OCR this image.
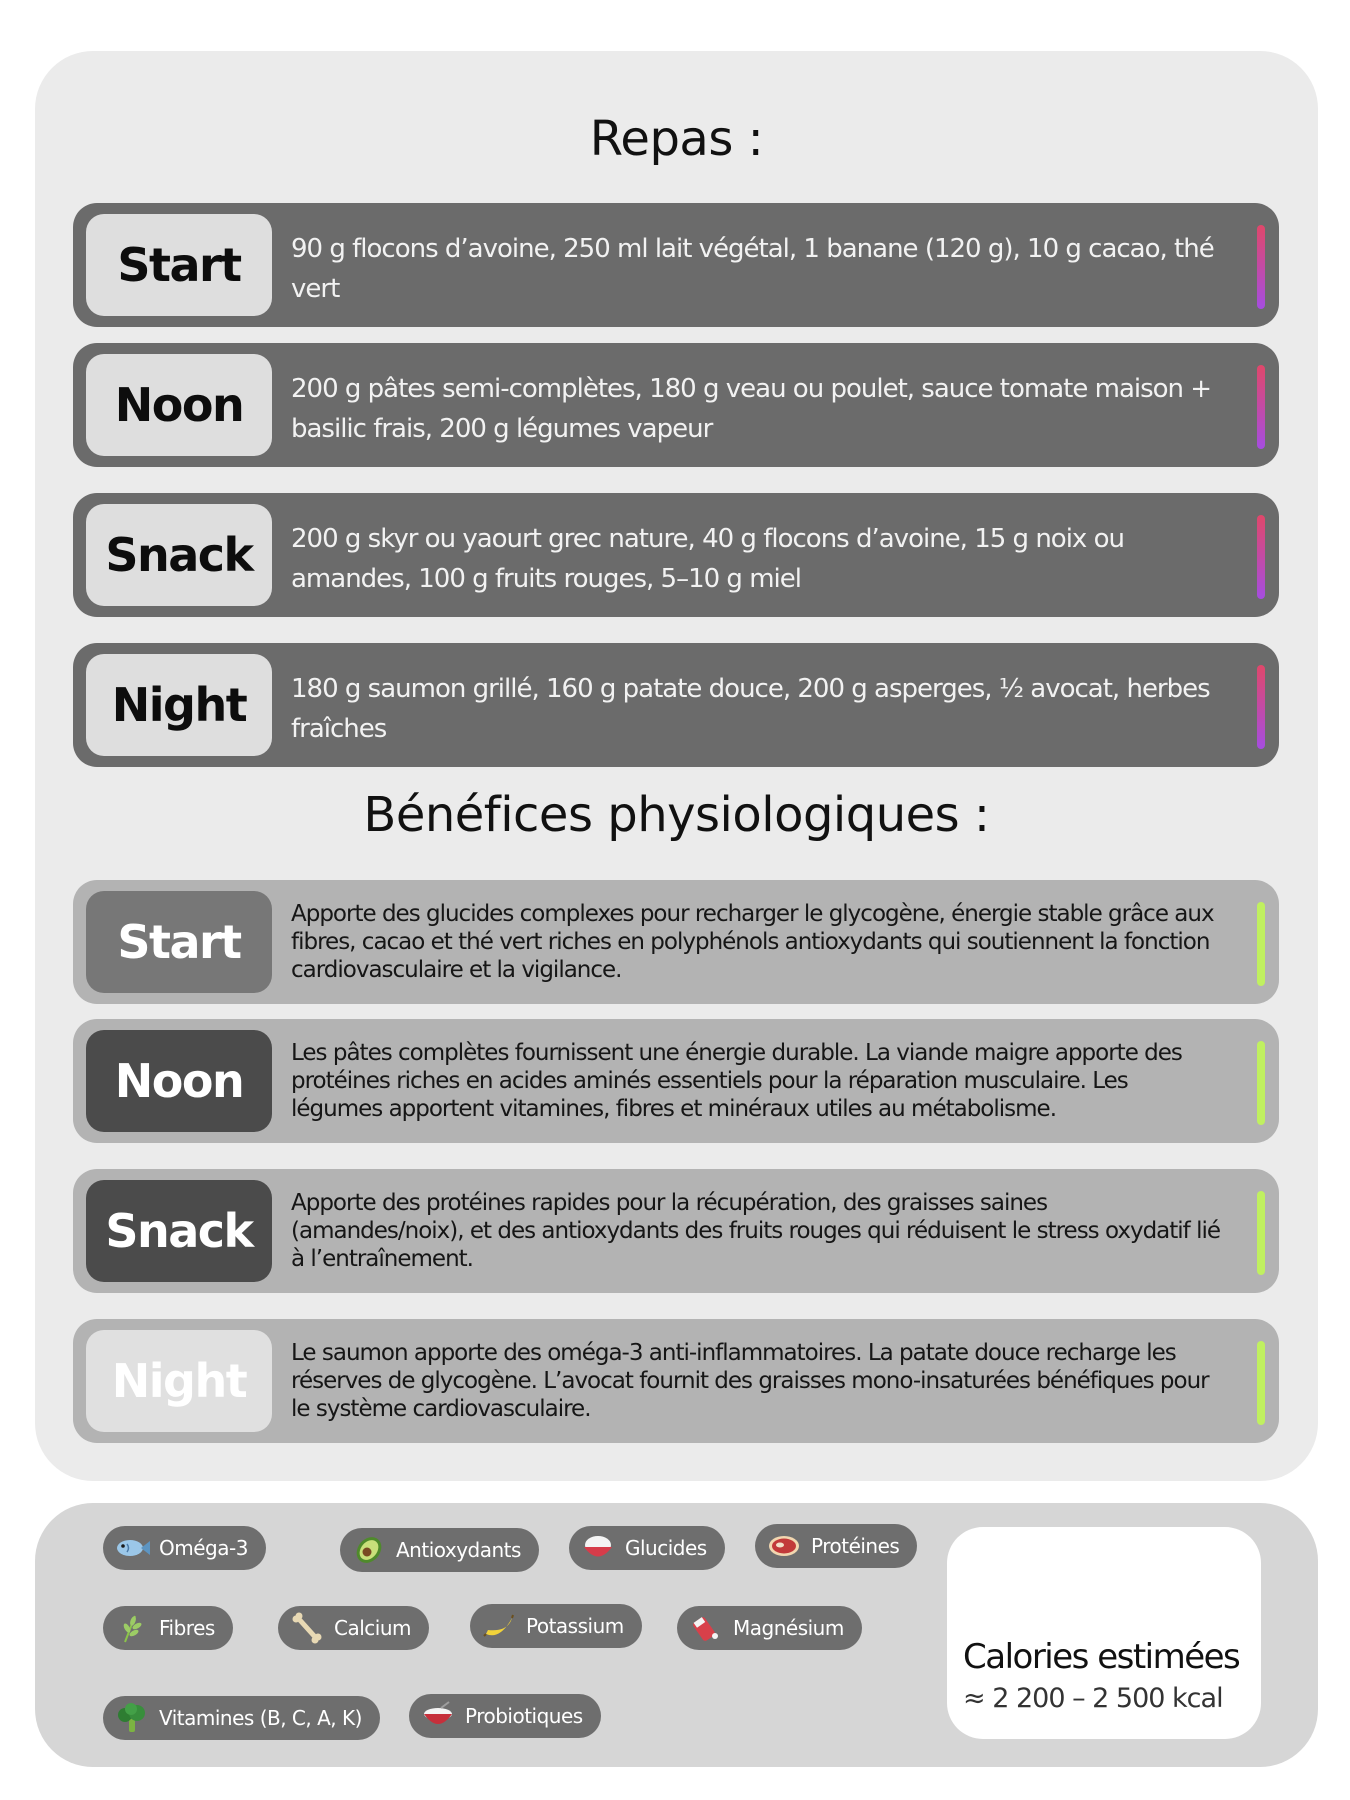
Repas :
Start	90 g flocons d’avoine, 250 ml lait végétal, 1 banane (120 g), 10 g cacao, thé vert
Noon	200 g pâtes semi-complètes, 180 g veau ou poulet, sauce tomate maison + basilic frais, 200 g légumes vapeur
Snack	200 g skyr ou yaourt grec nature, 40 g flocons d’avoine, 15 g noix ou amandes, 100 g fruits rouges, 5–10 g miel
Night	180 g saumon grillé, 160 g patate douce, 200 g asperges, ½ avocat, herbes fraîches
Bénéfices physiologiques :
Start
Apporte des glucides complexes pour recharger le glycogène, énergie stable grâce aux fibres, cacao et thé vert riches en polyphénols antioxydants qui soutiennent la fonction cardiovasculaire et la vigilance.
Noon
Les pâtes complètes fournissent une énergie durable. La viande maigre apporte des protéines riches en acides aminés essentiels pour la réparation musculaire. Les légumes apportent vitamines, fibres et minéraux utiles au métabolisme.
Snack
Apporte des protéines rapides pour la récupération, des graisses saines (amandes/noix), et des antioxydants des fruits rouges qui réduisent le stress oxydatif lié à l’entraînement.
Night
Le saumon apporte des oméga-3 anti-inflammatoires. La patate douce recharge les réserves de glycogène. L’avocat fournit des graisses mono-insaturées bénéfiques pour le système cardiovasculaire.
Oméga-3	Antioxydants	Glucides	Protéines
Fibres	Calcium	Potassium	Magnésium
Vitamines (B, C, A, K)	Probiotiques
Calories estimées
≈ 2 200 – 2 500 kcal
